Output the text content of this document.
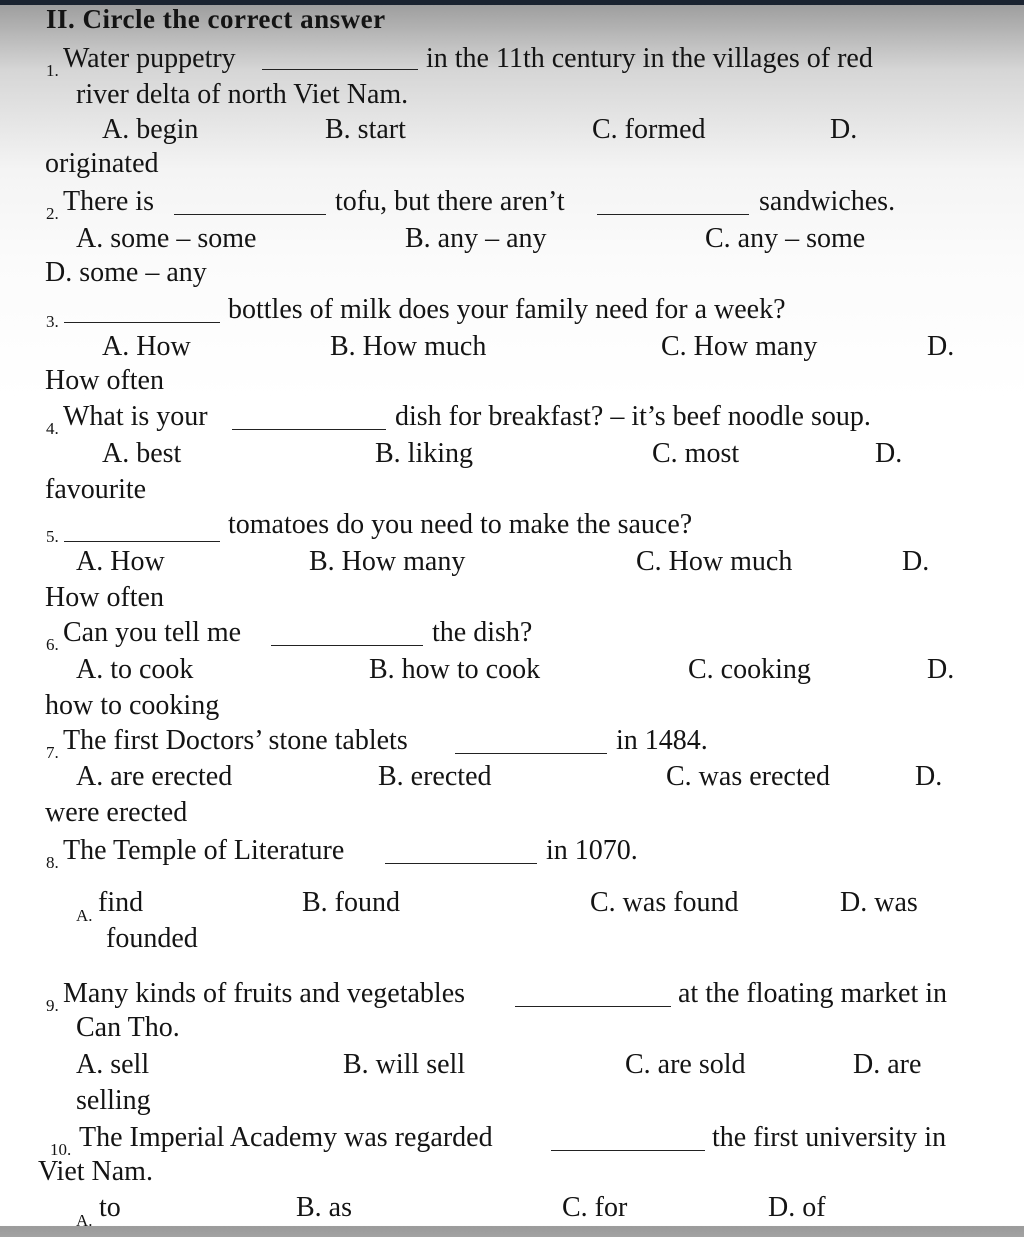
II. Circle the correct answer
1. Water puppetry	in the 11th century in the villages of red
river delta of north Viet Nam.
A. begin	B. start	C. formed	D.
originated
2. There is	tofu, but there aren’t	sandwiches.
A. some – some	B. any – any	C. any – some
D. some – any
3.	bottles of milk does your family need for a week?
A. How	B. How much	C. How many	D.
How often
4. What is your	dish for breakfast? – it’s beef noodle soup.
A. best	B. liking	C. most	D.
favourite
5.	tomatoes do you need to make the sauce?
A. How	B. How many	C. How much	D.
How often
6. Can you tell me	the dish?
A. to cook	B. how to cook	C. cooking	D.
how to cooking
7. The first Doctors’ stone tablets	in 1484.
A. are erected	B. erected	C. was erected	D.
were erected
8. The Temple of Literature	in 1070.
A. find	B. found	C. was found	D. was
founded
9. Many kinds of fruits and vegetables	at the floating market in
Can Tho.
A. sell	B. will sell	C. are sold	D. are
selling
10. The Imperial Academy was regarded	the first university in
Viet Nam.
A. to	B. as	C. for	D. of
